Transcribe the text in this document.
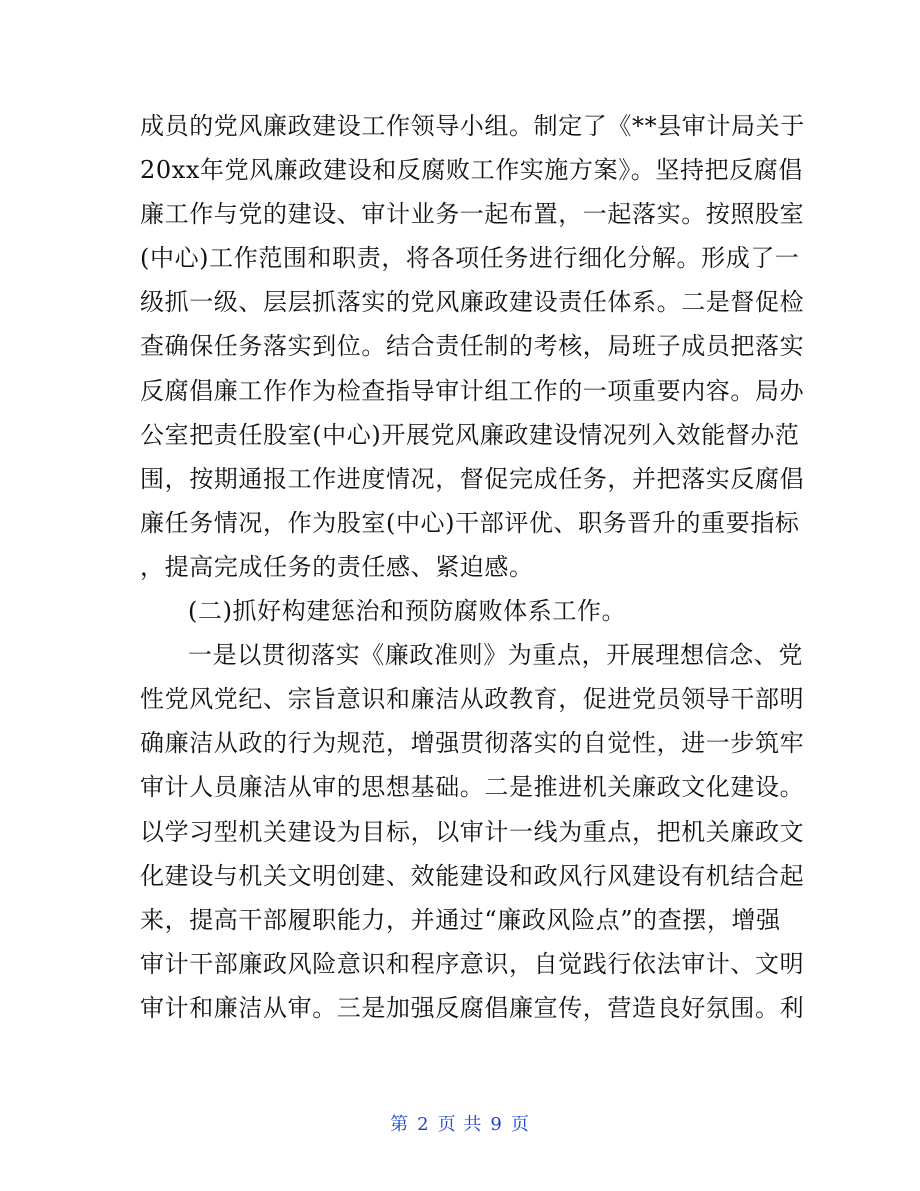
成员的党风廉政建设工作领导小组。制定了《**县审计局关于
20xx年党风廉政建设和反腐败工作实施方案》。坚持把反腐倡
廉工作与党的建设、审计业务一起布置，一起落实。按照股室
(中心)工作范围和职责，将各项任务进行细化分解。形成了一
级抓一级、层层抓落实的党风廉政建设责任体系。二是督促检
查确保任务落实到位。结合责任制的考核，局班子成员把落实
反腐倡廉工作作为检查指导审计组工作的一项重要内容。局办
公室把责任股室(中心)开展党风廉政建设情况列入效能督办范
围，按期通报工作进度情况，督促完成任务，并把落实反腐倡
廉任务情况，作为股室(中心)干部评优、职务晋升的重要指标
，提高完成任务的责任感、紧迫感。
(二)抓好构建惩治和预防腐败体系工作。
一是以贯彻落实《廉政准则》为重点，开展理想信念、党
性党风党纪、宗旨意识和廉洁从政教育，促进党员领导干部明
确廉洁从政的行为规范，增强贯彻落实的自觉性，进一步筑牢
审计人员廉洁从审的思想基础。二是推进机关廉政文化建设。
以学习型机关建设为目标，以审计一线为重点，把机关廉政文
化建设与机关文明创建、效能建设和政风行风建设有机结合起
来，提高干部履职能力，并通过“廉政风险点”的查摆，增强
审计干部廉政风险意识和程序意识，自觉践行依法审计、文明
审计和廉洁从审。三是加强反腐倡廉宣传，营造良好氛围。利
第 2 页 共 9 页
